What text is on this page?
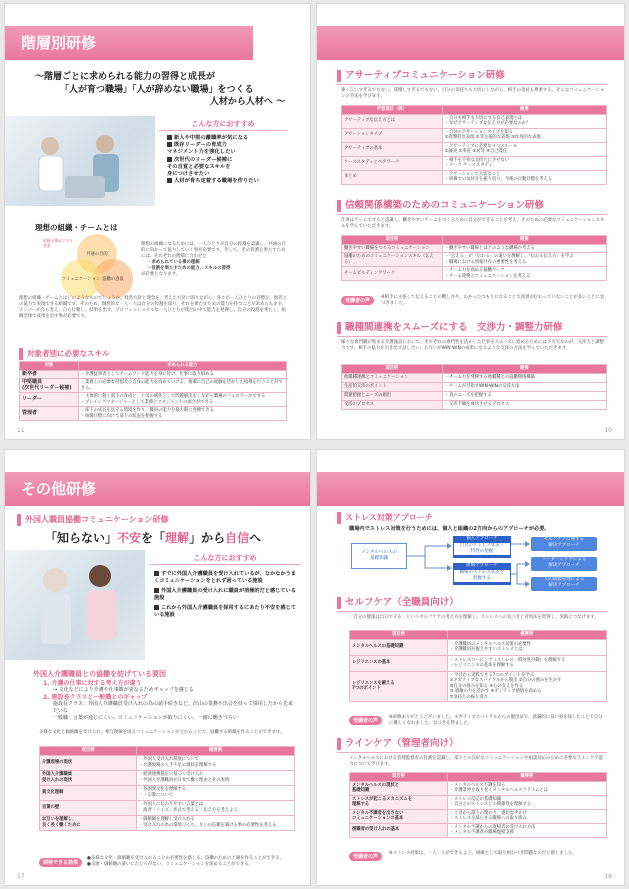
階層別研修
～階層ごとに求められる能力の習得と成長が
「人が育つ職場」「人が辞めない職場」をつくる
人材から人材へ ～
こんな方におすすめ
新人や中堅の離職率が気になる
既存リーダーの育成力
マネジメント力を強化したい
次世代のリーダー候補に
その自覚と必要なスキルを
身につけさせたい
人材が育ち定着する職場を作りたい
理想の組織・チームとは
組織を構成する3要素
共通の目的
協働の意欲
コミュニケーション
理想の組織になるためには、一人ひとりが自分の役割を認識し、共通の目的に向かって協力していく事が必要です。そして、その役割を果たすためには、それぞれの階層に合わせた
・求められている事の理解
・役割を果たすための能力、スキルの習得
が必要となります。
理想の組織・チームとはどのようなものでしょうか。経営方針と理念を、考えた方針に則りながら、各々が一人ひとりの目標を、他者との協力で実現できる組織です。そのため、個性的な一人一人は自分の役割を知り、それを果たすための能力を持つことが求められます。メンバーが自ら考え、自ら行動し、結果を出す。プロフェッショナルな一人ひとりが集団の中で能力を発揮し、自分の役割を果たし、組織全体で成果を出す事が必要です。
対象者別に必要なスキル
対象	求められる能力
新卒者	・介護従事者としてチームワーク能力を身に付け、仕事に取り組める
中堅職員
(次世代リーダー候補)	・業務上の必要な役割及び自身の能力を高めていける。後輩に自己の経験を活かした指導を行うことができる。
リーダー	・主体的に動く部下の育成と、上司の補佐として問題解決をしながら職場のフォロワーができる
・プレイングマネージャーとして業務とマネジメントの両立ができる
管理者	・部下の成長を見守る環境を作り、職員の能力を最大限に発揮できる
・組織目標に向けて部下の状況を把握する
11
アサーティブコミュニケーション研修
強く言いすぎるでもない、我慢しすぎるでもない。自分の気持ちも大切にしながら、相手の意見も尊重する。そんなコミュニケーションの手法を学びます。
学習項目（例）	概要
アサーティブな伝え方とは	・自分も相手も大切にする自己表現とは
・なぜアサーティブな伝え方が必要なのか？
アサーションタイプ	・自分のアサーションタイプを知る
①攻撃的な表現 ②非主張的な表現 ③作為的な表現
アサーティブの基本	・アサーティブに必要な４つのルール
①誠実 ②率直 ③対等 ④自己責任
ケーススタディとペアワーク	・相手を不快な気持ちにさせない
・ワーク ケーススタディ
まとめ	・アサーションで大切なこと
・研修での気付きを振り返り、今後の行動目標を考える
信頼関係構築のためのコミュニケーション研修
仕事はチームですると認識し、働きやすいチームをつくるために自分ができることを考え、そのために必要なコミュニケーションスキルを学んでいただきます。
項目例	概要
働きやすい職場をつくるコミュニケーション	・働きやすい職場とはどのような職場か考える
協働のためのコミュニケーションスキル（伝える）	・「伝える」が「伝わる」の違いを理解し、「伝わる伝え方」を学ぶ
・職場における情報共有の重要性を考える
チームビルディングワーク	・チーム力を高める協働ワーク
・チーム連携とコミュニケーションを考える
受講者の声
※相手に主張して伝えることの難しさや、わかったつもりになることで真意が伝わっていないことが多いことに気づきました。
職種間連携をスムーズにする　交渉力・調整力研修
様々な専門職が集まる介護施設において、それぞれの専門性を活かした仕事をスムーズに進めるためには不可欠なのが、交渉力と調整力です。相手の協力を引き出す話し合い、お互いがWIN-WINの成果になるような交渉の方法を学んでいただきます。
項目例	概要
他職種連携とコミュニケーション	・チーム力を発揮する他職種との協働関係構築
生産的交渉のポイント	・チームが目指すWIN-WINの交渉方法
問題把握とニーズの創出	・真のニーズを把握する
交渉のプロセス	・交渉手順を成功させるプロセス
10
その他研修
外国人職員協働コミュニケーション研修
「知らない」不安を「理解」から自信へ
こんな方におすすめ
すでに外国人介護職員を受け入れているが、なかなかうまくコミュニケーションをとれず困っている施設
外国人介護職員の受け入れに職員が消極的だと感じている施設
これから外国人介護職員を採用するにあたり不安を感じている施設
外国人介護職員との協働を妨げている要因
1. 介護の仕事に対する考え方が違う
→ 文化などにより介護や仕事観が異なるためギャップを感じる
2. 施設長クラスと一般職とのギャップ
施設長クラス：外国人介護職員受け入れの為の諸手続きなど、沢山の業務や出会を持って採用したから先来たいな
一般職：言葉が通じにくい、コミュニケーションが取りにくい、一緒に働きづらい
多様な文化と価値観を受け入れ、相互理解を図るコミュニケーションがとれることで、協働する組織を作ることができます。
項目例	概要例
介護現場の現状	・外国人受け入れ制度について
・介護現場の人手不足の現状を理解する
外国人介護職員
受け入れの現状	・経済連携協定に基づく受け入れ
・外国人介護職員が日本で働く理由とその実情
異文化理解	・各国異文化を理解する
・・宗教について
言葉の壁	・外国人に伝わりやすい言葉とは
　演習「ハイズ」形式で考える「伝え方を考えよう」
お互いを理解し、
良く長く働くために	・価値観を理解し受け入れる
・受け入れの為の環境づくり、互いの信頼を築ける事の必要性を考える
期待できる効果
●多様な文化・価値観を受け入れることの必要性を感じる。協働のための土壌を作ることができる。
●交流・価値観の違いにたじろがない、コミュニケーションを深めることができる。
17
ストレス対策アプローチ
職場内でストレス対策を行うためには、個人と組織の2方向からのアプローチが必要。
メンタルヘルスの
基礎知識
個人アプローチ
自分のストレス状況・
特性の把握
組織アプローチ
職場のストレス状況を
把握する
セルフケアに関する
解決アプローチ
リーダーシップによる
解決アプローチ
人的資源管理による
解決アプローチ
セルフケア（全職員向け）
「自分の健康は自分で守る」というセルフケアの考え方を理解し、ストレスへの気づきと対処法を習得し、実践につなげます。
項目例	概要例
メンタルヘルスの基礎知識	・介護職員のメンタルヘルス対策の必要性
・介護職員が抱えやすいストレスとは
レジリエンスの基本	・ストレスコーピング（ストレス一時対処行動）を理解する
・レジリエンスの基本を理解する
レジリエンスを鍛える
7つのポイント	・今日から実践できる7つのポイントを学ぶ
①ネガティブなスパイラルから脱出 ②自分の強みを生かす
③自分の強みを知る ④心の支えを作る
⑤ 感謝の力を活かす ⑥ポジティブ感情を高める
⑦気持ちの振り返り
受講者の声
※研修ありがとうございました。ネガティブスパイラルからの脱出法で、意識的に良い事を探したことで自分に優しくなれました。気づきを得ました。
ラインケア（管理者向け）
メンタルヘルスにおける管理監督者の役割を認識し、部下との良好なコミュニケーションや相談対応のために必要なラインケア能力について学びます。
項目例	概要例
メンタルヘルスの現状と
基礎知識	・メンタルヘルス不調を知る
・介護業界を取り巻くメンタルヘルスクライムとは
ストレスが起こるメカニズムを
理解する	・ストレス反応の基礎知識
・自分とのストレスとの関係性を理解する
メンタル不調者を出さない
コミュニケーションの基本	・上司から部下の関わり、適切な声かけ
・ストレスを減らせる職場への取り組み
復職者の受け入れの基本	・メンタル不調からの復帰者の受け入れ方法
・メンタル不調者の職場復帰支援
受講者の声
※ストレス対策は、一人一人ができるよう、組織として取り組むべき問題なのだと感じました。
18
